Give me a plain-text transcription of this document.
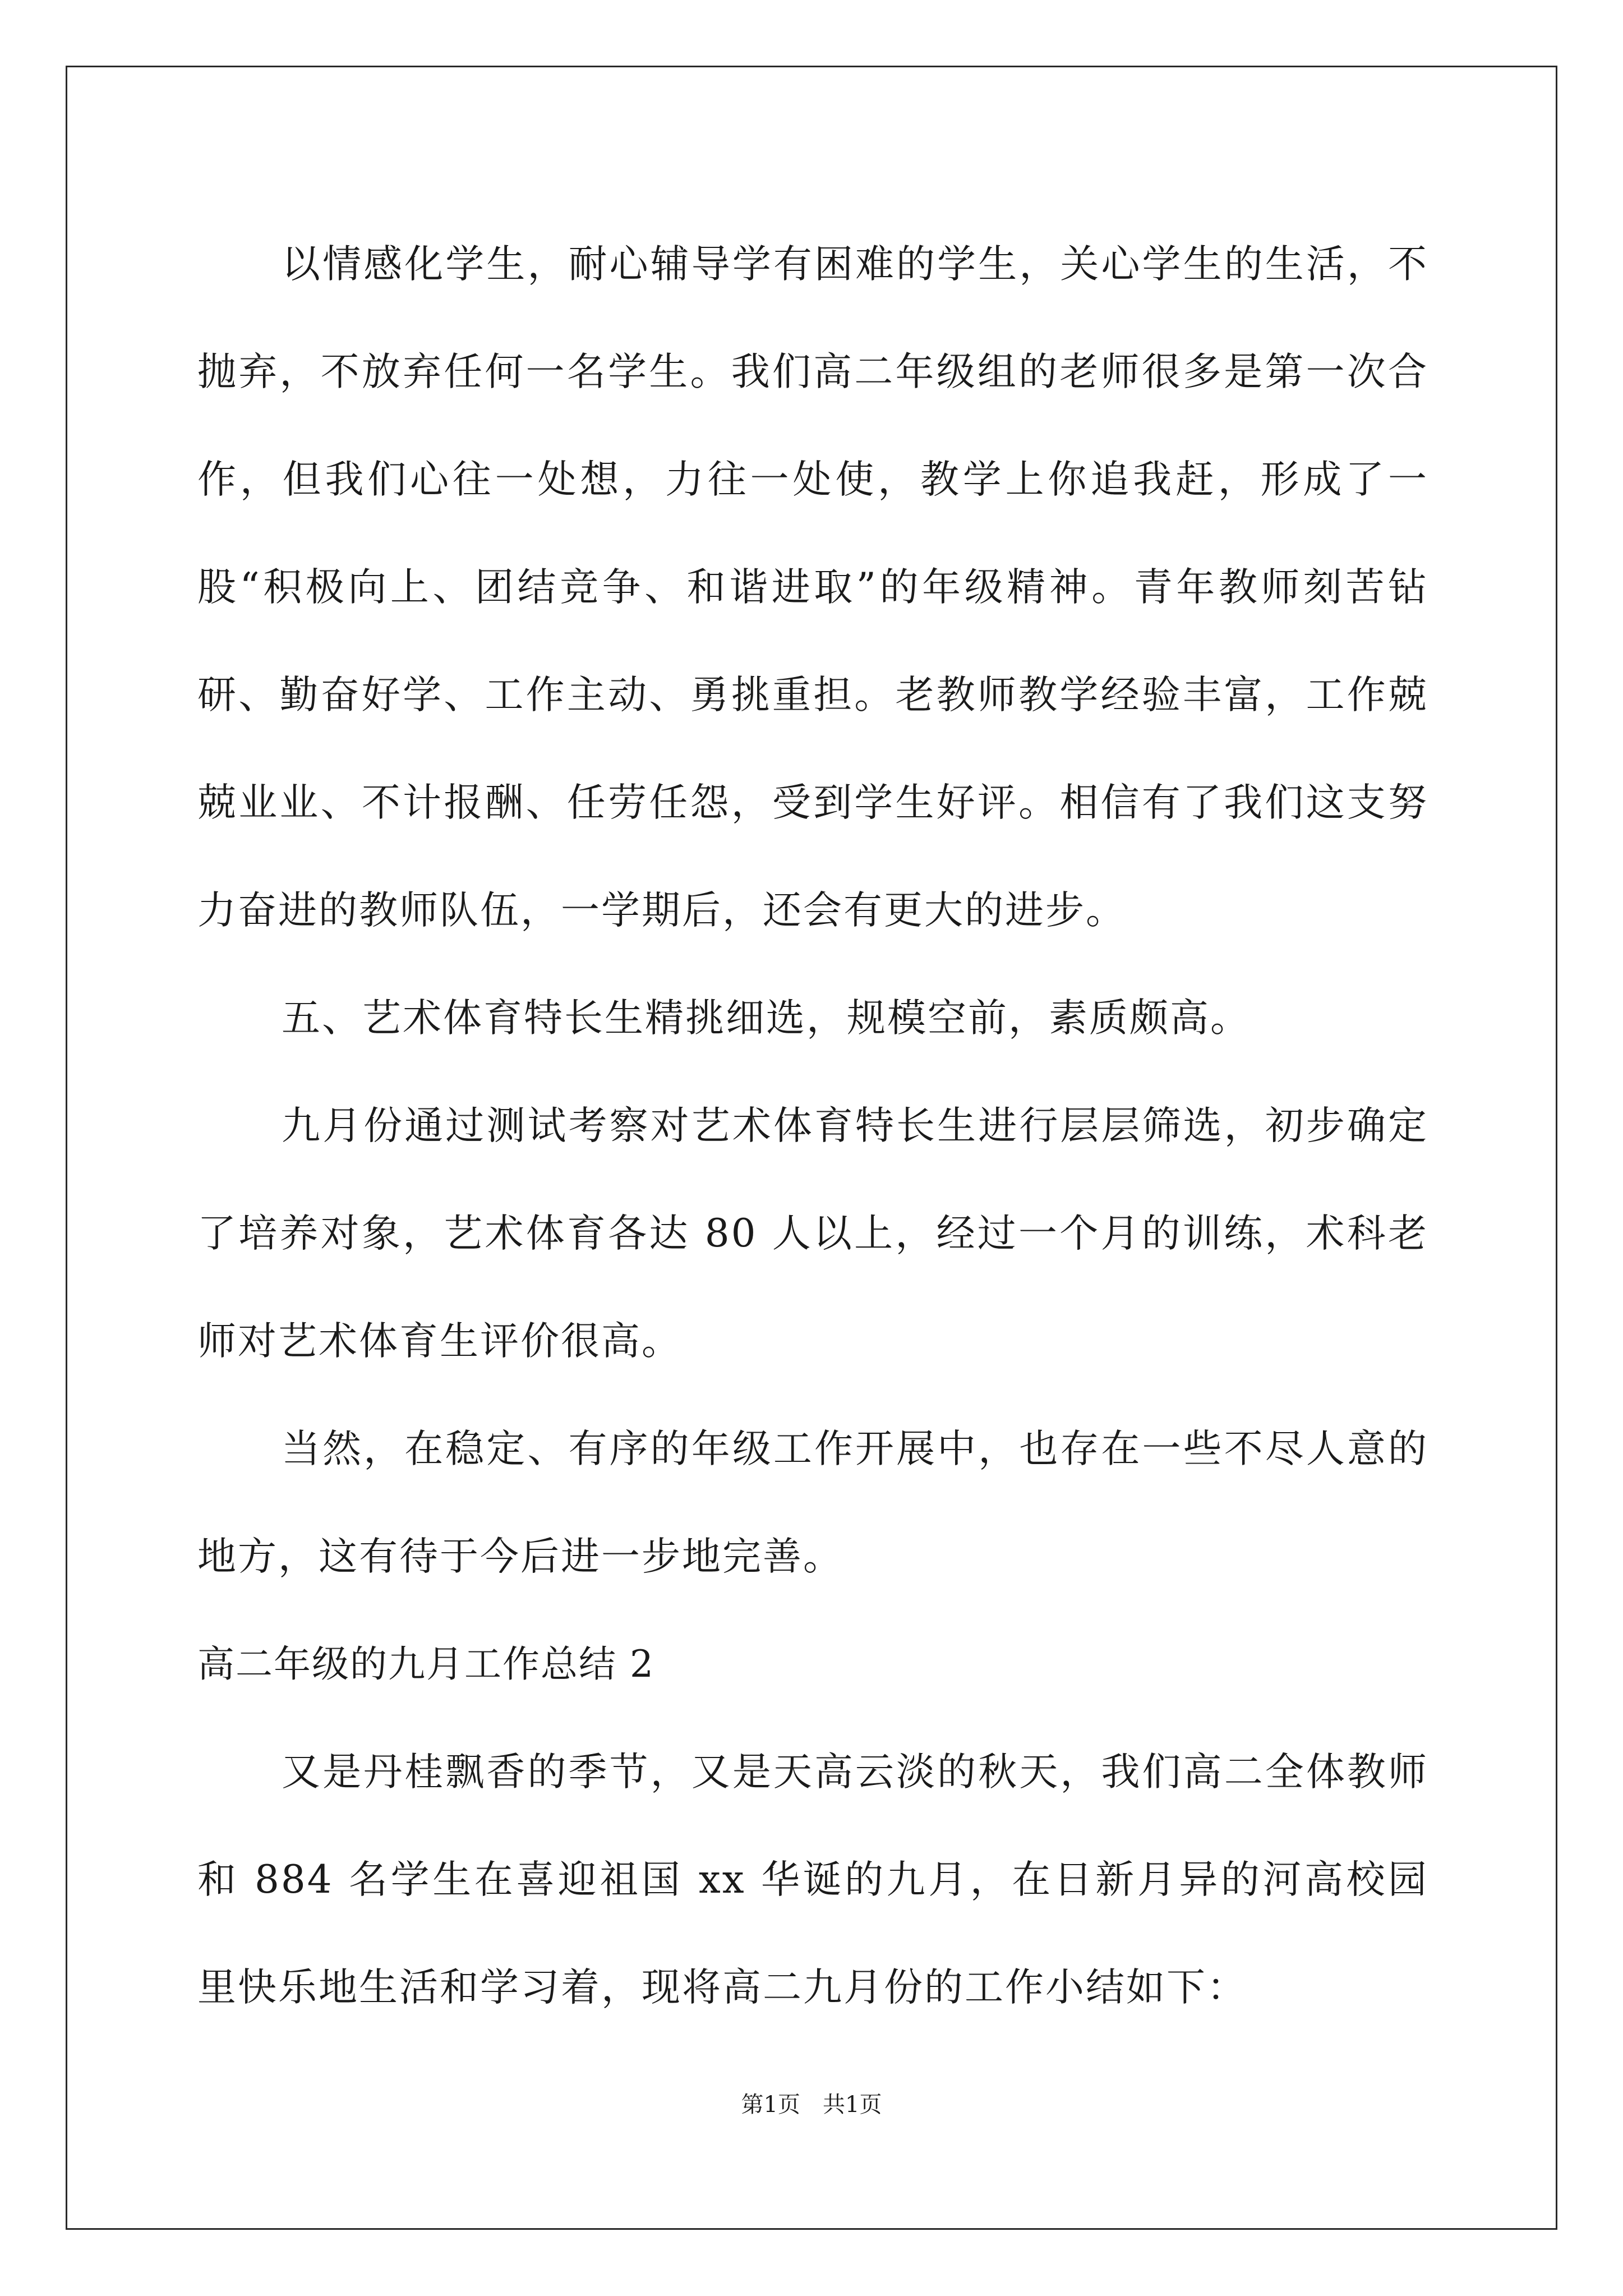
以情感化学生，耐心辅导学有困难的学生，关心学生的生活，不抛弃，不放弃任何一名学生。我们高二年级组的老师很多是第一次合作，但我们心往一处想，力往一处使，教学上你追我赶，形成了一股“积极向上、团结竞争、和谐进取”的年级精神。青年教师刻苦钻研、勤奋好学、工作主动、勇挑重担。老教师教学经验丰富，工作兢兢业业、不计报酬、任劳任怨，受到学生好评。相信有了我们这支努力奋进的教师队伍，一学期后，还会有更大的进步。

五、艺术体育特长生精挑细选，规模空前，素质颇高。

九月份通过测试考察对艺术体育特长生进行层层筛选，初步确定了培养对象，艺术体育各达 80 人以上，经过一个月的训练，术科老师对艺术体育生评价很高。

当然，在稳定、有序的年级工作开展中，也存在一些不尽人意的地方，这有待于今后进一步地完善。

高二年级的九月工作总结 2

又是丹桂飘香的季节，又是天高云淡的秋天，我们高二全体教师和 884 名学生在喜迎祖国 xx 华诞的九月，在日新月异的河高校园里快乐地生活和学习着，现将高二九月份的工作小结如下：

第1页　共1页
